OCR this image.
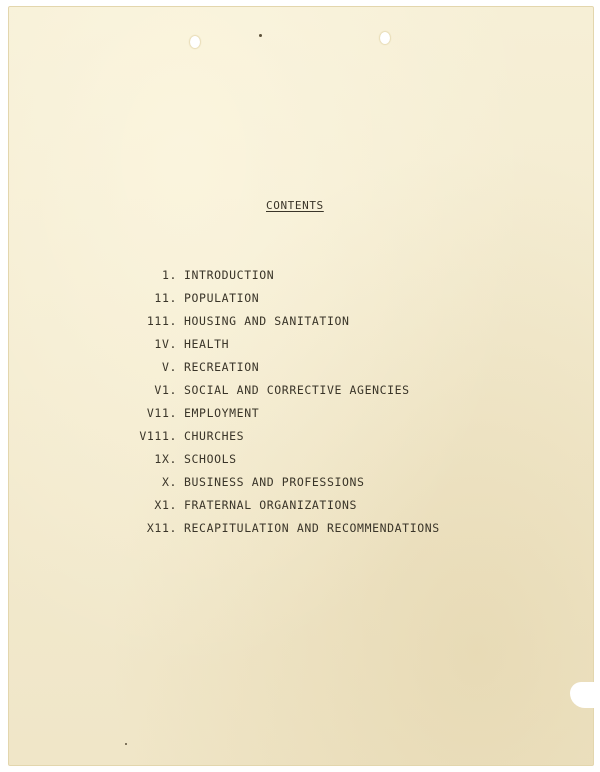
CONTENTS
1. INTRODUCTION
11. POPULATION
111. HOUSING AND SANITATION
1V. HEALTH
V. RECREATION
V1. SOCIAL AND CORRECTIVE AGENCIES
V11. EMPLOYMENT
V111. CHURCHES
1X. SCHOOLS
X. BUSINESS AND PROFESSIONS
X1. FRATERNAL ORGANIZATIONS
X11. RECAPITULATION AND RECOMMENDATIONS
